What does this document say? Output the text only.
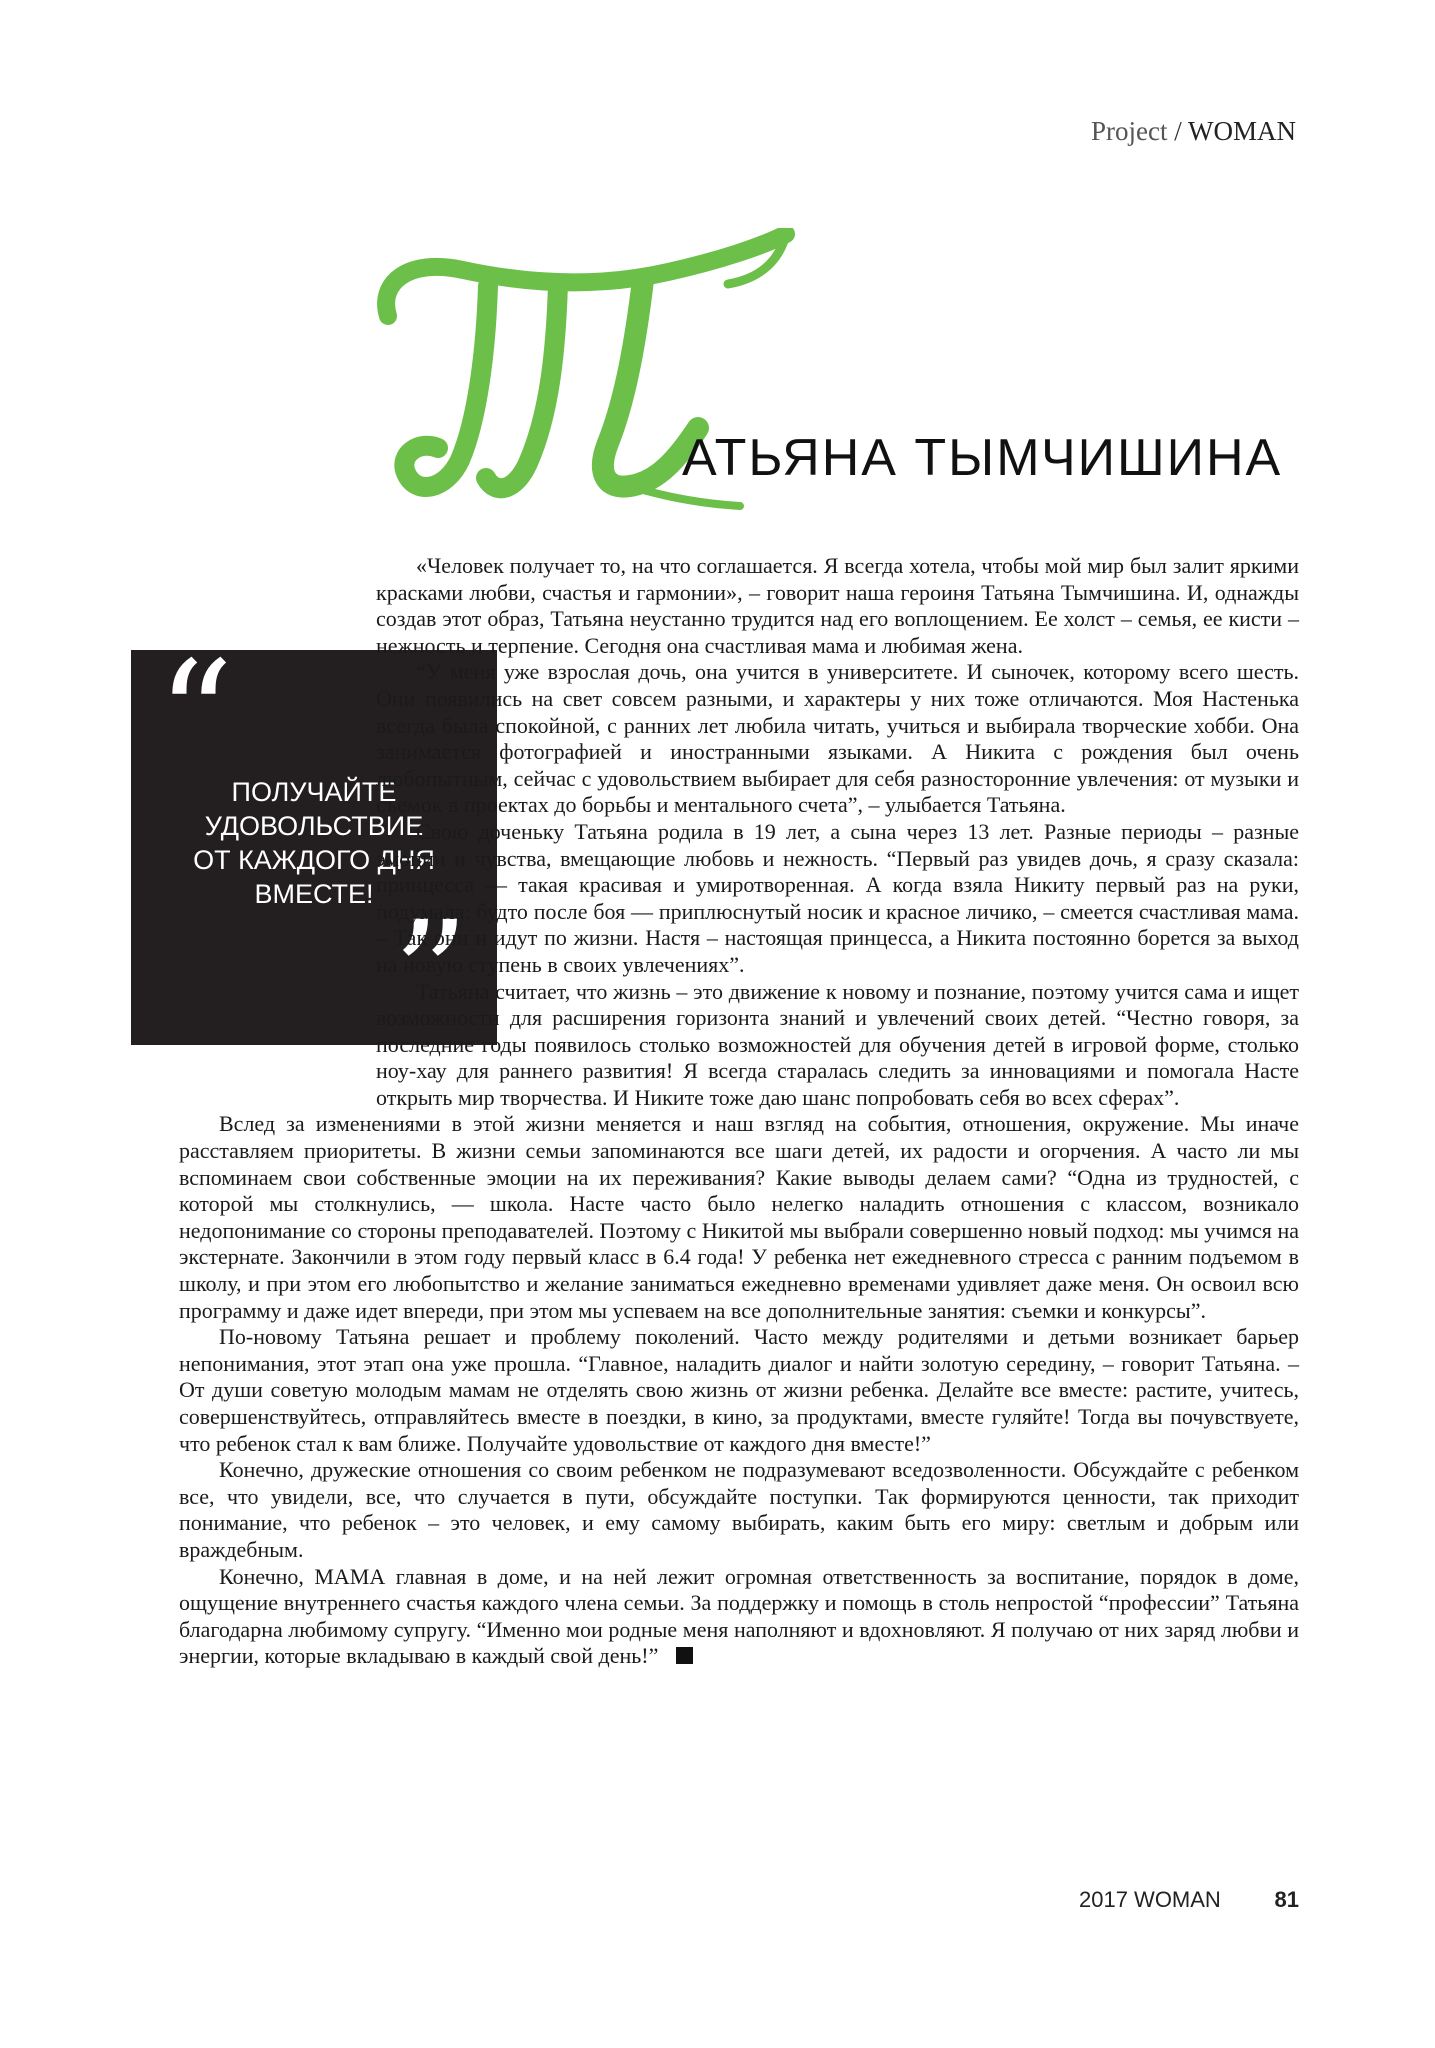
Project / WOMAN
АТЬЯНА ТЫМЧИШИНА
“
ПОЛУЧАЙТЕ
УДОВОЛЬСТВИЕ
ОТ КАЖДОГО ДНЯ
ВМЕСТЕ! ”

«Человек получает то, на что соглашается. Я всегда хотела, чтобы мой мир был залит яркими красками любви, счастья и гармонии», – говорит наша героиня Татьяна Тымчишина. И, однажды создав этот образ, Татьяна неустанно трудится над его воплощением. Ее холст – семья, ее кисти – нежность и терпение. Сегодня она счастливая мама и любимая жена.

“У меня уже взрослая дочь, она учится в университете. И сыночек, которому всего шесть. Они появились на свет совсем разными, и характеры у них тоже отличаются. Моя Настенька всегда была спокойной, с ранних лет любила читать, учиться и выбирала творческие хобби. Она занимается фотографией и иностранными языками. А Никита с рождения был очень любопытным, сейчас с удовольствием выбирает для себя разносторонние увлечения: от музыки и съемок в проектах до борьбы и ментального счета”, – улыбается Татьяна.

Свою доченьку Татьяна родила в 19 лет, а сына через 13 лет. Разные периоды – разные эмоции и чувства, вмещающие любовь и нежность. “Первый раз увидев дочь, я сразу сказала: принцесса — такая красивая и умиротворенная. А когда взяла Никиту первый раз на руки, подумала: будто после боя — приплюснутый носик и красное личико, – смеется счастливая мама. – Так они и идут по жизни. Настя – настоящая принцесса, а Никита постоянно борется за выход на новую ступень в своих увлечениях”.

Татьяна считает, что жизнь – это движение к новому и познание, поэтому учится сама и ищет возможности для расширения горизонта знаний и увлечений своих детей. “Честно говоря, за последние годы появилось столько возможностей для обучения детей в игровой форме, столько ноу-хау для раннего развития! Я всегда старалась следить за инновациями и помогала Насте открыть мир творчества. И Никите тоже даю шанс попробовать себя во всех сферах”.

Вслед за изменениями в этой жизни меняется и наш взгляд на события, отношения, окружение. Мы иначе расставляем приоритеты. В жизни семьи запоминаются все шаги детей, их радости и огорчения. А часто ли мы вспоминаем свои собственные эмоции на их переживания? Какие выводы делаем сами? “Одна из трудностей, с которой мы столкнулись, — школа. Насте часто было нелегко наладить отношения с классом, возникало недопонимание со стороны преподавателей. Поэтому с Никитой мы выбрали совершенно новый подход: мы учимся на экстернате. Закончили в этом году первый класс в 6.4 года! У ребенка нет ежедневного стресса с ранним подъемом в школу, и при этом его любопытство и желание заниматься ежедневно временами удивляет даже меня. Он освоил всю программу и даже идет впереди, при этом мы успеваем на все дополнительные занятия: съемки и конкурсы”.

По-новому Татьяна решает и проблему поколений. Часто между родителями и детьми возникает барьер непонимания, этот этап она уже прошла. “Главное, наладить диалог и найти золотую середину, – говорит Татьяна. – От души советую молодым мамам не отделять свою жизнь от жизни ребенка. Делайте все вместе: растите, учитесь, совершенствуйтесь, отправляйтесь вместе в поездки, в кино, за продуктами, вместе гуляйте! Тогда вы почувствуете, что ребенок стал к вам ближе. Получайте удовольствие от каждого дня вместе!”

Конечно, дружеские отношения со своим ребенком не подразумевают вседозволенности. Обсуждайте с ребенком все, что увидели, все, что случается в пути, обсуждайте поступки. Так формируются ценности, так приходит понимание, что ребенок – это человек, и ему самому выбирать, каким быть его миру: светлым и добрым или враждебным.

Конечно, МАМА главная в доме, и на ней лежит огромная ответственность за воспитание, порядок в доме, ощущение внутреннего счастья каждого члена семьи. За поддержку и помощь в столь непростой “профессии” Татьяна благодарна любимому супругу. “Именно мои родные меня наполняют и вдохновляют. Я получаю от них заряд любви и энергии, которые вкладываю в каждый свой день!”

2017 WOMAN 81
